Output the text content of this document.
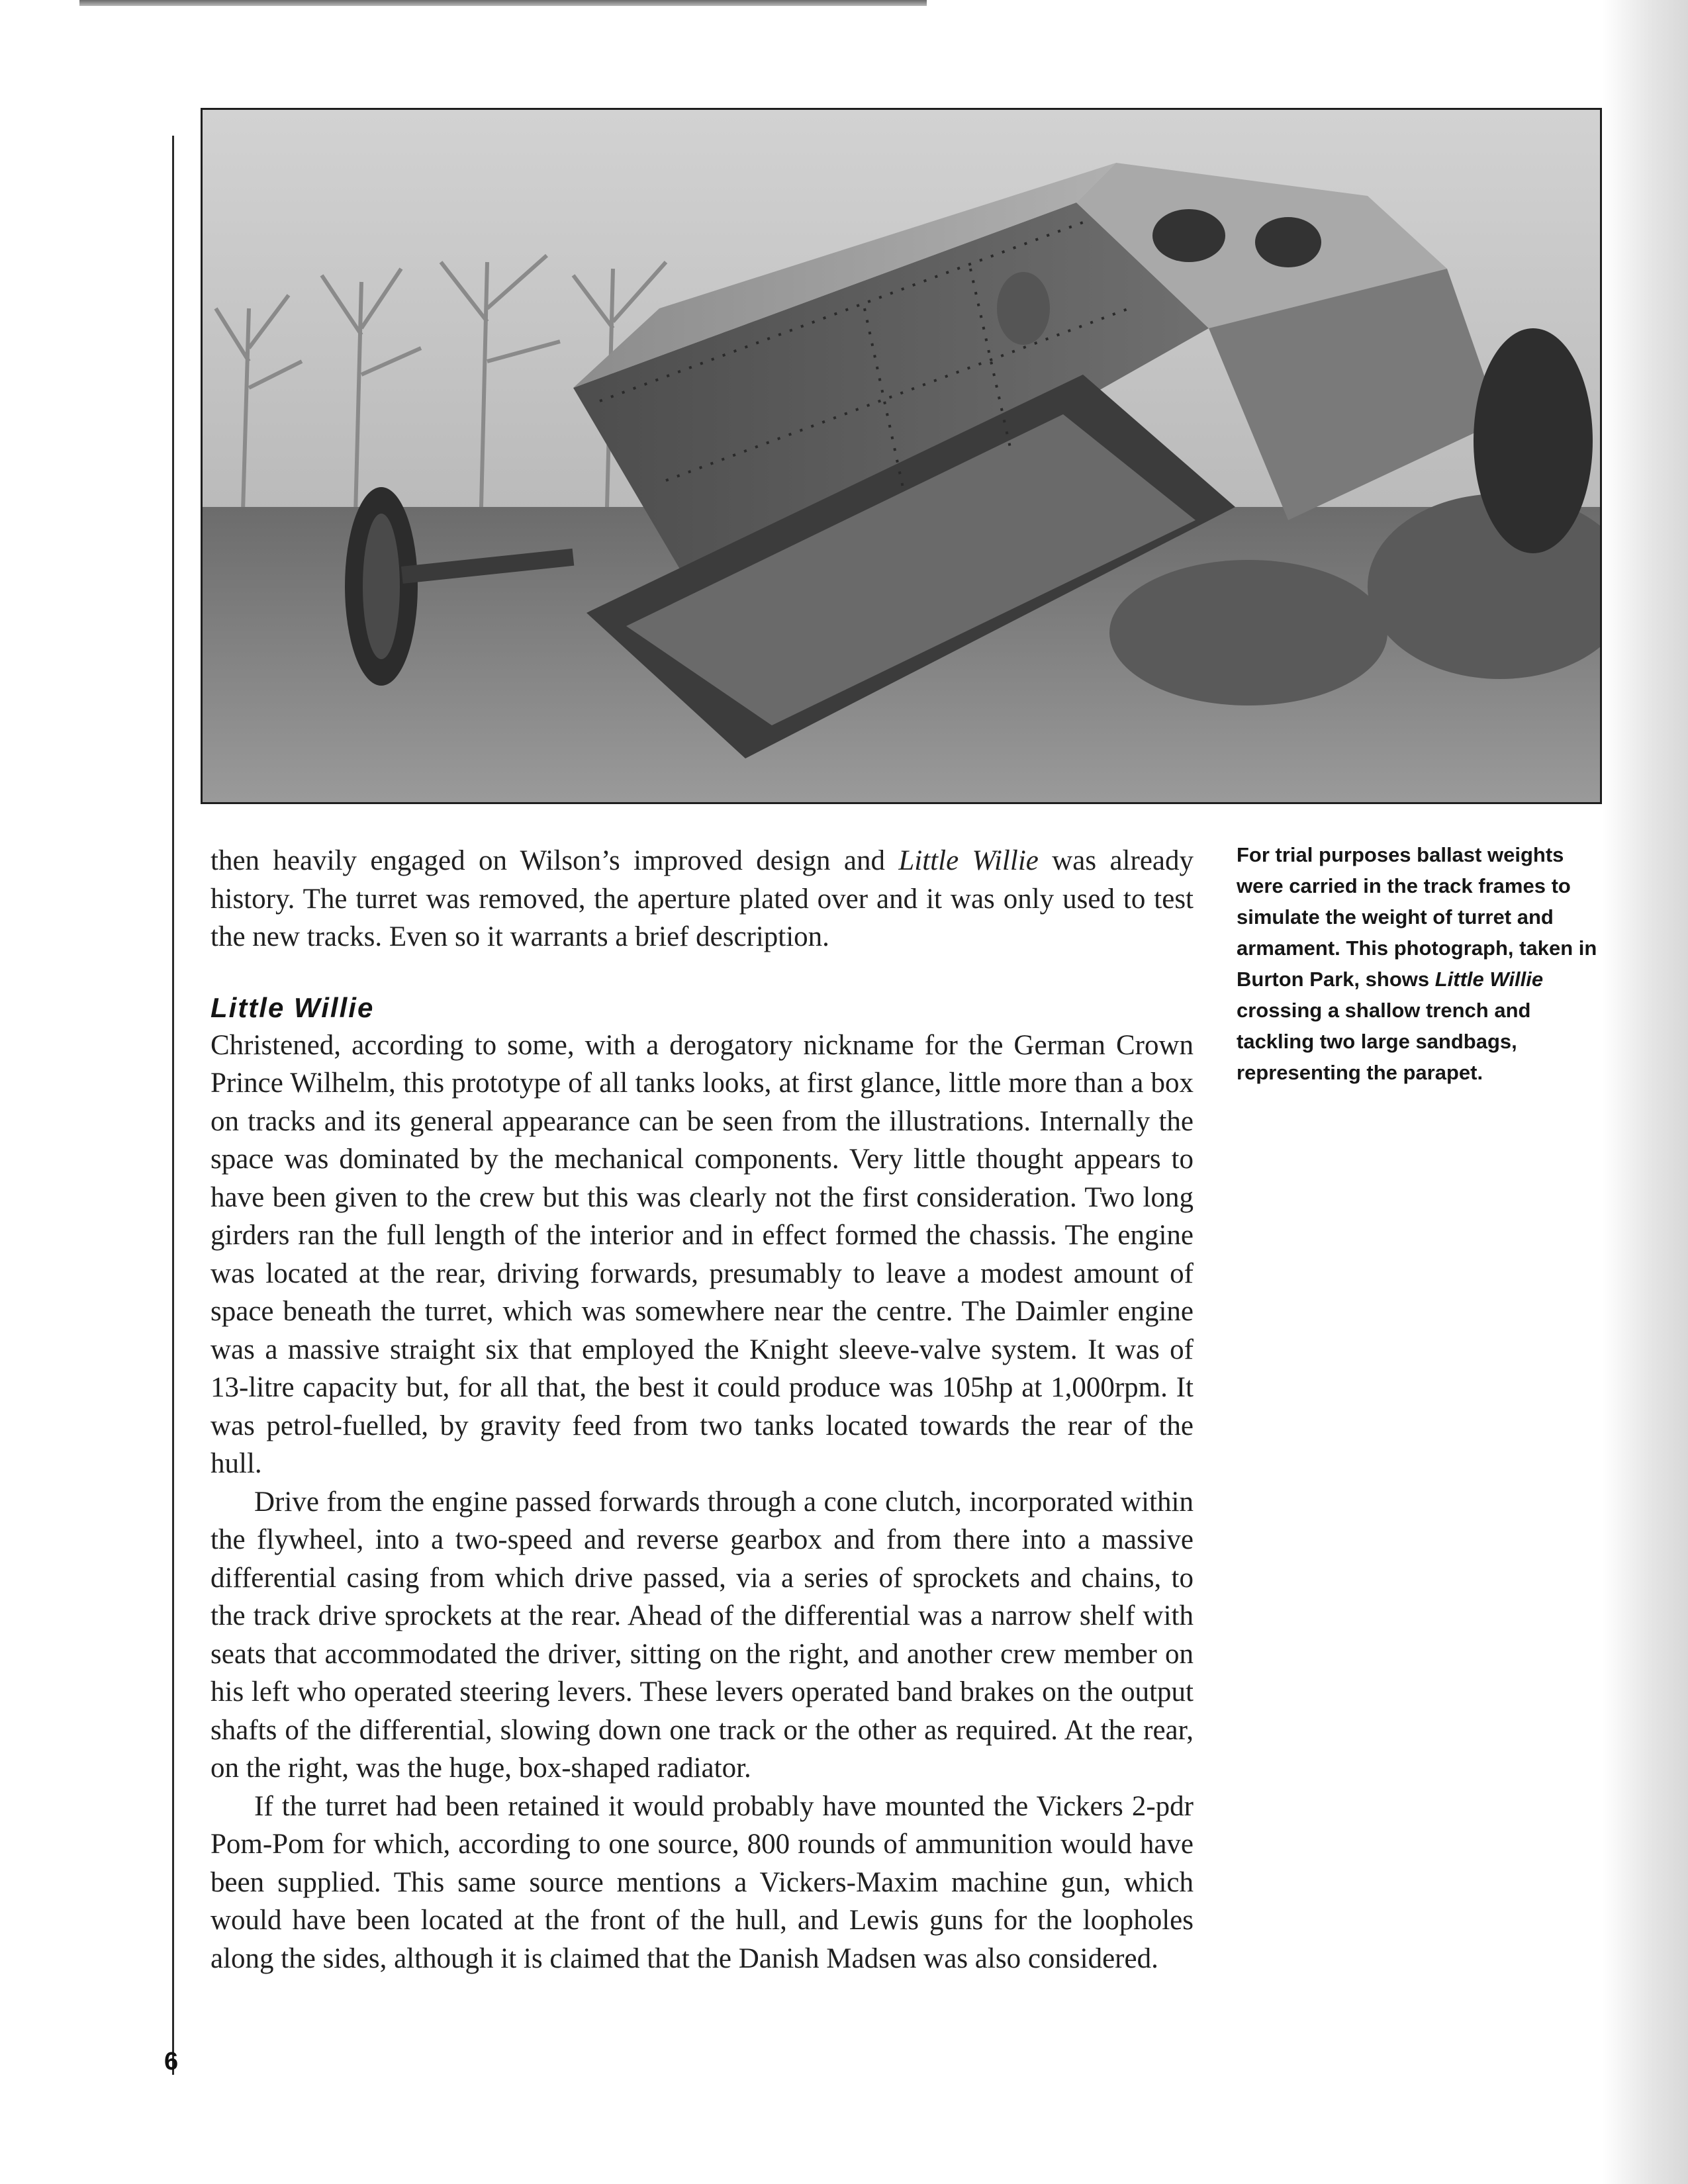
then heavily engaged on Wilson’s improved design and Little Willie was already history. The turret was removed, the aperture plated over and it was only used to test the new tracks. Even so it warrants a brief description.

Little Willie

Christened, according to some, with a derogatory nickname for the German Crown Prince Wilhelm, this prototype of all tanks looks, at first glance, little more than a box on tracks and its general appearance can be seen from the illustrations. Internally the space was dominated by the mechanical components. Very little thought appears to have been given to the crew but this was clearly not the first consideration. Two long girders ran the full length of the interior and in effect formed the chassis. The engine was located at the rear, driving forwards, presumably to leave a modest amount of space beneath the turret, which was somewhere near the centre. The Daimler engine was a massive straight six that employed the Knight sleeve-valve system. It was of 13-litre capacity but, for all that, the best it could produce was 105hp at 1,000rpm. It was petrol-fuelled, by gravity feed from two tanks located towards the rear of the hull.

Drive from the engine passed forwards through a cone clutch, incorporated within the flywheel, into a two-speed and reverse gearbox and from there into a massive differential casing from which drive passed, via a series of sprockets and chains, to the track drive sprockets at the rear. Ahead of the differential was a narrow shelf with seats that accommodated the driver, sitting on the right, and another crew member on his left who operated steering levers. These levers operated band brakes on the output shafts of the differential, slowing down one track or the other as required. At the rear, on the right, was the huge, box-shaped radiator.

If the turret had been retained it would probably have mounted the Vickers 2-pdr Pom-Pom for which, according to one source, 800 rounds of ammunition would have been supplied. This same source mentions a Vickers-Maxim machine gun, which would have been located at the front of the hull, and Lewis guns for the loopholes along the sides, although it is claimed that the Danish Madsen was also considered.

For trial purposes ballast weights were carried in the track frames to simulate the weight of turret and armament. This photograph, taken in Burton Park, shows Little Willie crossing a shallow trench and tackling two large sandbags, representing the parapet.
6
